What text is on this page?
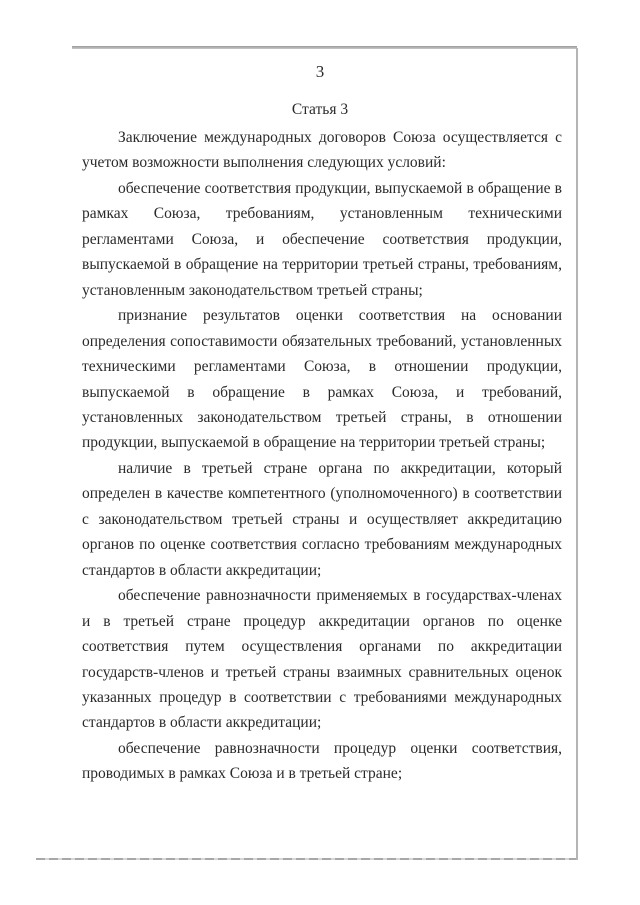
3
Статья 3

Заключение международных договоров Союза осуществляется с учетом возможности выполнения следующих условий:

обеспечение соответствия продукции, выпускаемой в обращение в рамках Союза, требованиям, установленным техническими регламентами Союза, и обеспечение соответствия продукции, выпускаемой в обращение на территории третьей страны, требованиям, установленным законодательством третьей страны;

признание результатов оценки соответствия на основании определения сопоставимости обязательных требований, установленных техническими регламентами Союза, в отношении продукции, выпускаемой в обращение в рамках Союза, и требований, установленных законодательством третьей страны, в отношении продукции, выпускаемой в обращение на территории третьей страны;

наличие в третьей стране органа по аккредитации, который определен в качестве компетентного (уполномоченного) в соответствии с законодательством третьей страны и осуществляет аккредитацию органов по оценке соответствия согласно требованиям международных стандартов в области аккредитации;

обеспечение равнозначности применяемых в государствах-членах и в третьей стране процедур аккредитации органов по оценке соответствия путем осуществления органами по аккредитации государств-членов и третьей страны взаимных сравнительных оценок указанных процедур в соответствии с требованиями международных стандартов в области аккредитации;

обеспечение равнозначности процедур оценки соответствия, проводимых в рамках Союза и в третьей стране;
